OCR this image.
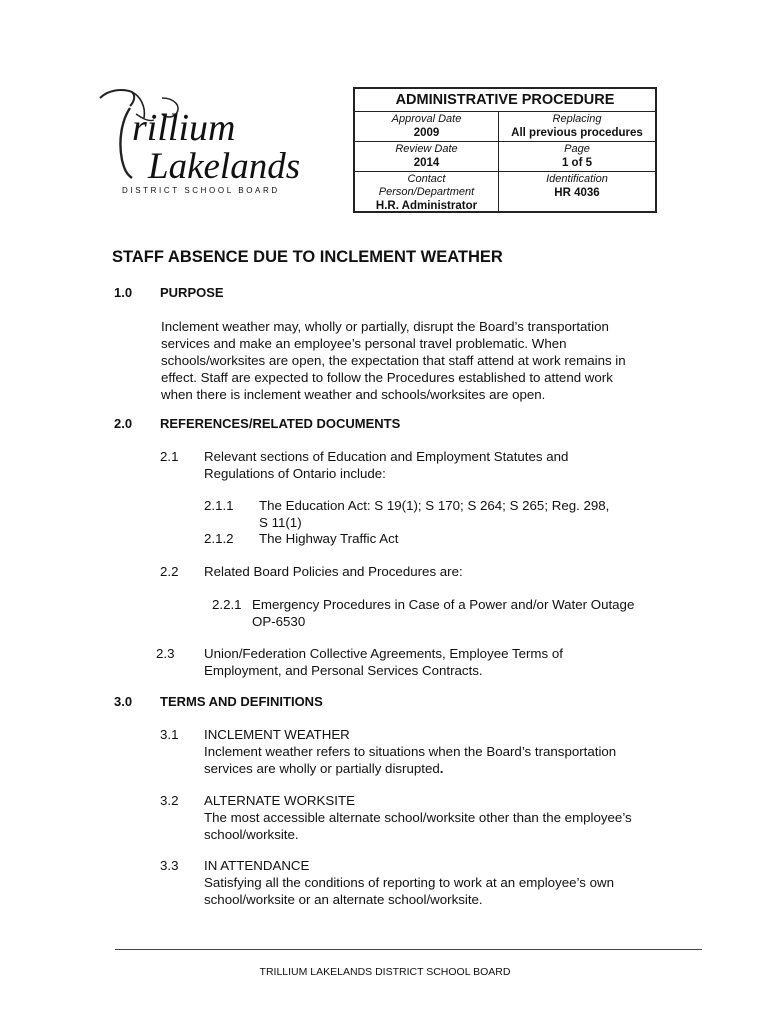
rillium
Lakelands
DISTRICT SCHOOL BOARD
ADMINISTRATIVE PROCEDURE
Approval Date
2009
Review Date
2014
Contact
Person/Department
H.R. Administrator
Replacing
All previous procedures
Page
1 of 5
Identification
HR 4036
STAFF ABSENCE DUE TO INCLEMENT WEATHER
1.0 PURPOSE
Inclement weather may, wholly or partially, disrupt the Board’s transportation
services and make an employee’s personal travel problematic. When
schools/worksites are open, the expectation that staff attend at work remains in
effect. Staff are expected to follow the Procedures established to attend work
when there is inclement weather and schools/worksites are open.
2.0 REFERENCES/RELATED DOCUMENTS
2.1 Relevant sections of Education and Employment Statutes and
Regulations of Ontario include:
2.1.1 The Education Act: S 19(1); S 170; S 264; S 265; Reg. 298,
S 11(1)
2.1.2 The Highway Traffic Act
2.2 Related Board Policies and Procedures are:
2.2.1 Emergency Procedures in Case of a Power and/or Water Outage
OP-6530
2.3 Union/Federation Collective Agreements, Employee Terms of
Employment, and Personal Services Contracts.
3.0 TERMS AND DEFINITIONS
3.1 INCLEMENT WEATHER
Inclement weather refers to situations when the Board’s transportation
services are wholly or partially disrupted.
3.2 ALTERNATE WORKSITE
The most accessible alternate school/worksite other than the employee’s
school/worksite.
3.3 IN ATTENDANCE
Satisfying all the conditions of reporting to work at an employee’s own
school/worksite or an alternate school/worksite.
TRILLIUM LAKELANDS DISTRICT SCHOOL BOARD
